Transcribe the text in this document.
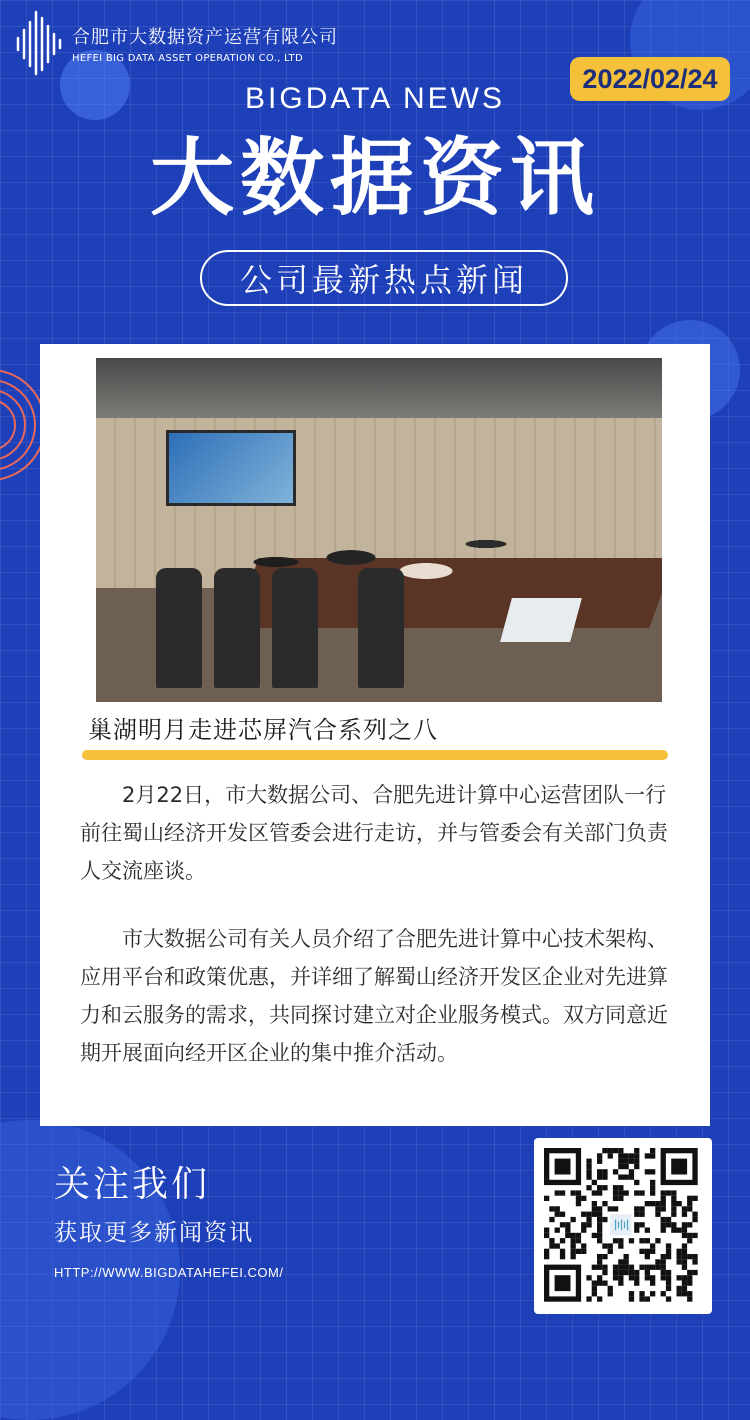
合肥市大数据资产运营有限公司
HEFEI BIG DATA ASSET OPERATION CO., LTD
2022/02/24
BIGDATA NEWS
大数据资讯
公司最新热点新闻
巢湖明月走进芯屏汽合系列之八

2月22日，市大数据公司、合肥先进计算中心运营团队一行前往蜀山经济开发区管委会进行走访，并与管委会有关部门负责人交流座谈。

市大数据公司有关人员介绍了合肥先进计算中心技术架构、应用平台和政策优惠，并详细了解蜀山经济开发区企业对先进算力和云服务的需求，共同探讨建立对企业服务模式。双方同意近期开展面向经开区企业的集中推介活动。

关注我们
获取更多新闻资讯
HTTP://WWW.BIGDATAHEFEI.COM/
